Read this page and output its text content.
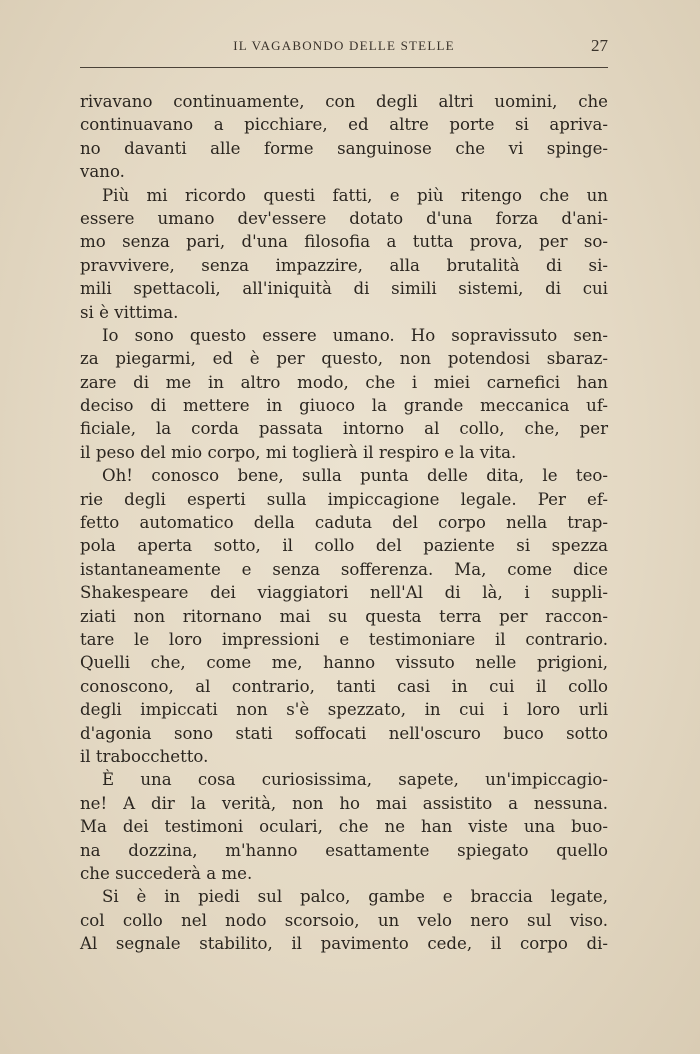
IL VAGABONDO DELLE STELLE	27
rivavano continuamente, con degli altri uomini, che
continuavano a picchiare, ed altre porte si apriva-
no davanti alle forme sanguinose che vi spinge-
vano.
Più mi ricordo questi fatti, e più ritengo che un
essere umano dev'essere dotato d'una forza d'ani-
mo senza pari, d'una filosofia a tutta prova, per so-
pravvivere, senza impazzire, alla brutalità di si-
mili spettacoli, all'iniquità di simili sistemi, di cui
si è vittima.
Io sono questo essere umano. Ho sopravissuto sen-
za piegarmi, ed è per questo, non potendosi sbaraz-
zare di me in altro modo, che i miei carnefici han
deciso di mettere in giuoco la grande meccanica uf-
ficiale, la corda passata intorno al collo, che, per
il peso del mio corpo, mi toglierà il respiro e la vita.
Oh! conosco bene, sulla punta delle dita, le teo-
rie degli esperti sulla impiccagione legale. Per ef-
fetto automatico della caduta del corpo nella trap-
pola aperta sotto, il collo del paziente si spezza
istantaneamente e senza sofferenza. Ma, come dice
Shakespeare dei viaggiatori nell'Al di là, i suppli-
ziati non ritornano mai su questa terra per raccon-
tare le loro impressioni e testimoniare il contrario.
Quelli che, come me, hanno vissuto nelle prigioni,
conoscono, al contrario, tanti casi in cui il collo
degli impiccati non s'è spezzato, in cui i loro urli
d'agonia sono stati soffocati nell'oscuro buco sotto
il trabocchetto.
È una cosa curiosissima, sapete, un'impiccagio-
ne! A dir la verità, non ho mai assistito a nessuna.
Ma dei testimoni oculari, che ne han viste una buo-
na dozzina, m'hanno esattamente spiegato quello
che succederà a me.
Si è in piedi sul palco, gambe e braccia legate,
col collo nel nodo scorsoio, un velo nero sul viso.
Al segnale stabilito, il pavimento cede, il corpo di-
